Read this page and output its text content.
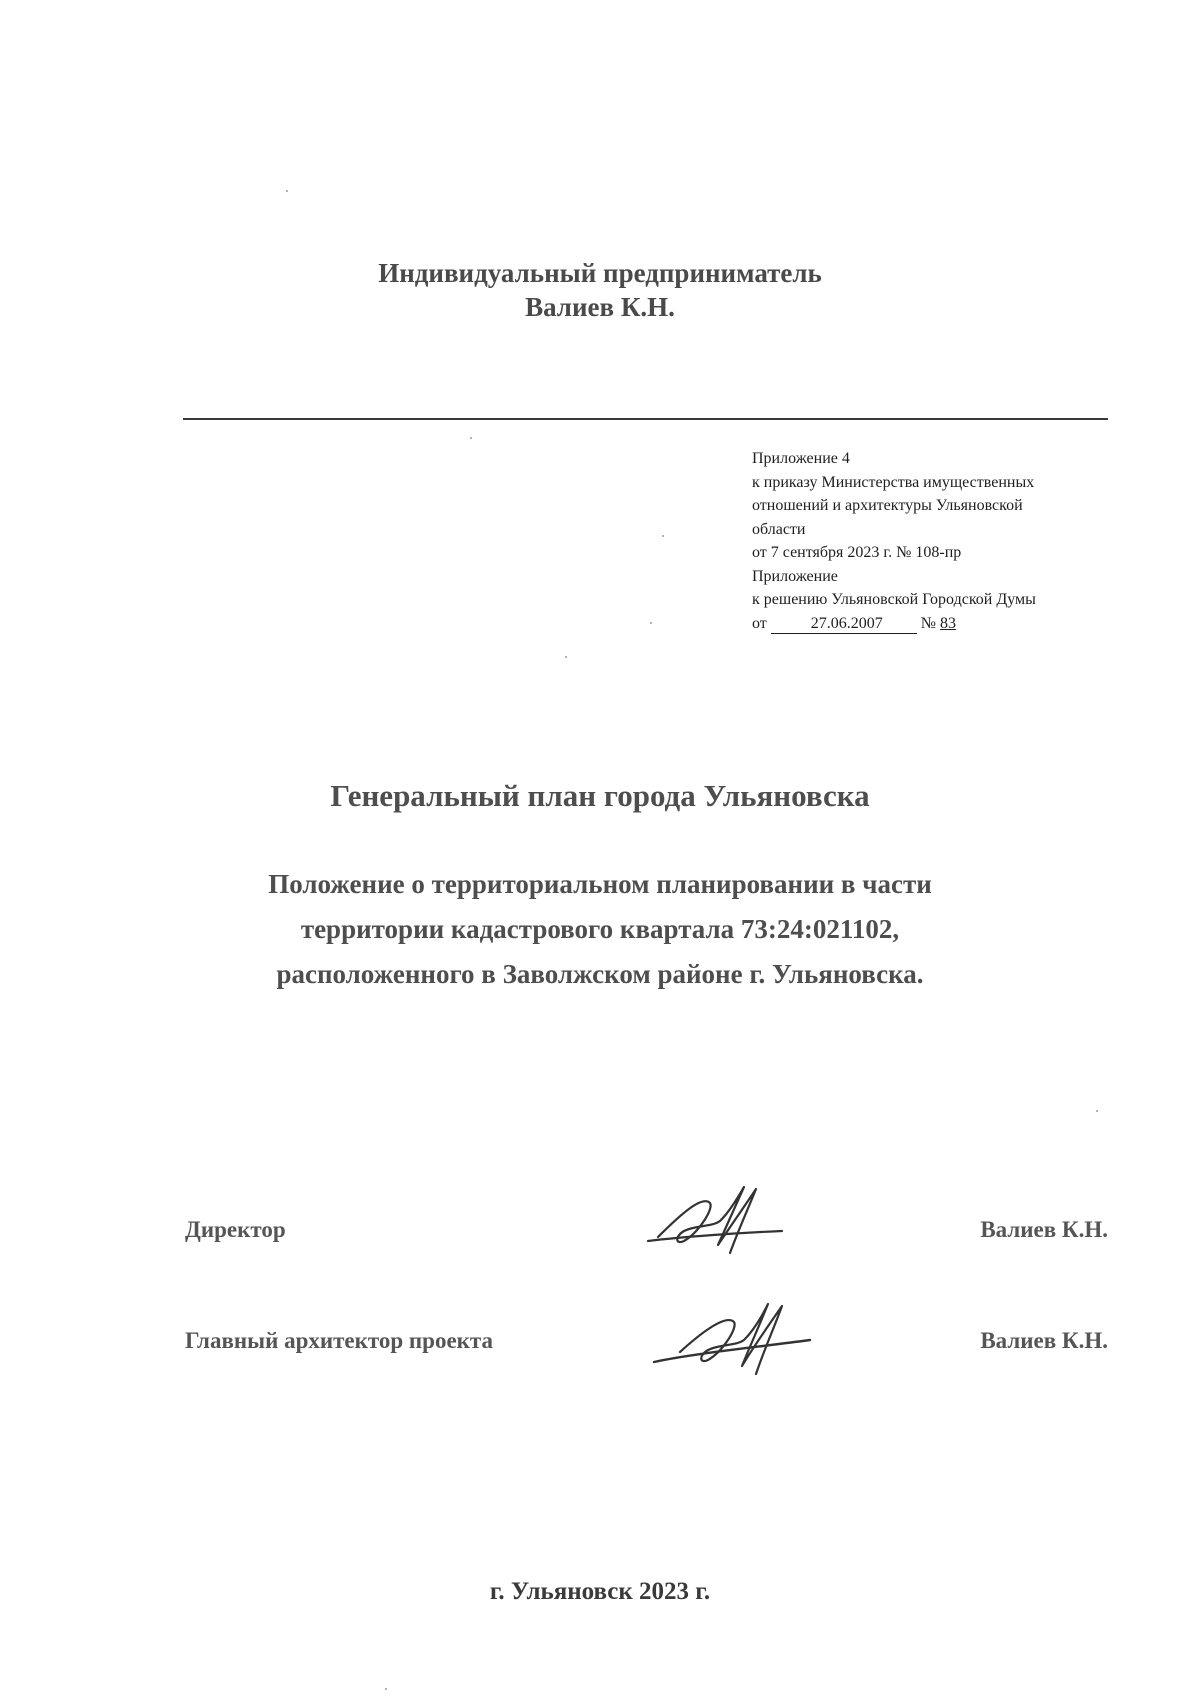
Индивидуальный предприниматель
Валиев К.Н.
Приложение 4
к приказу Министерства имущественных
отношений и архитектуры Ульяновской
области
от 7 сентября 2023 г. № 108-пр
Приложение
к решению Ульяновской Городской Думы
от	27.06.2007 № 83
Генеральный план города Ульяновска
Положение о территориальном планировании в части
территории кадастрового квартала 73:24:021102,
расположенного в Заволжском районе г. Ульяновска.
Директор	Валиев К.Н.
Главный архитектор проекта	Валиев К.Н.
г. Ульяновск 2023 г.
